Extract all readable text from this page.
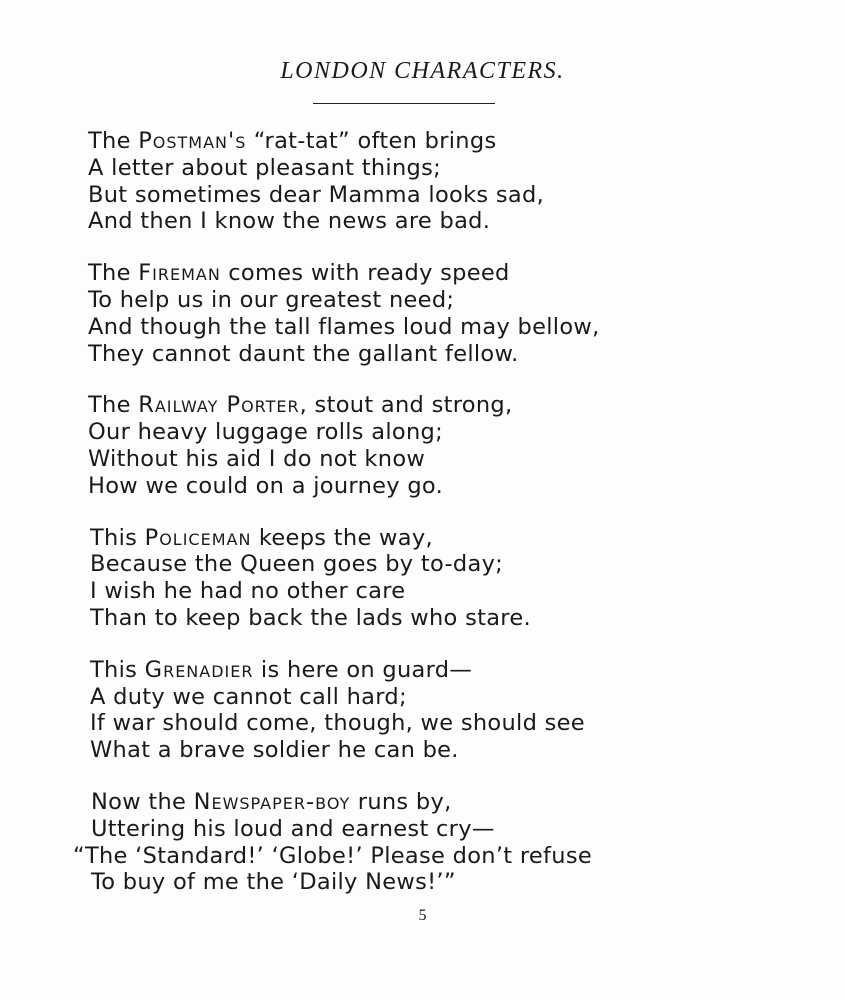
LONDON CHARACTERS.
The Postman's “rat-tat” often brings
A letter about pleasant things;
But sometimes dear Mamma looks sad,
And then I know the news are bad.
The Fireman comes with ready speed
To help us in our greatest need;
And though the tall flames loud may bellow,
They cannot daunt the gallant fellow.
The Railway Porter, stout and strong,
Our heavy luggage rolls along;
Without his aid I do not know
How we could on a journey go.
This Policeman keeps the way,
Because the Queen goes by to-day;
I wish he had no other care
Than to keep back the lads who stare.
This Grenadier is here on guard—
A duty we cannot call hard;
If war should come, though, we should see
What a brave soldier he can be.
Now the Newspaper-boy runs by,
Uttering his loud and earnest cry—
“The ‘Standard!’ ‘Globe!’ Please don’t refuse
To buy of me the ‘Daily News!’”
5
